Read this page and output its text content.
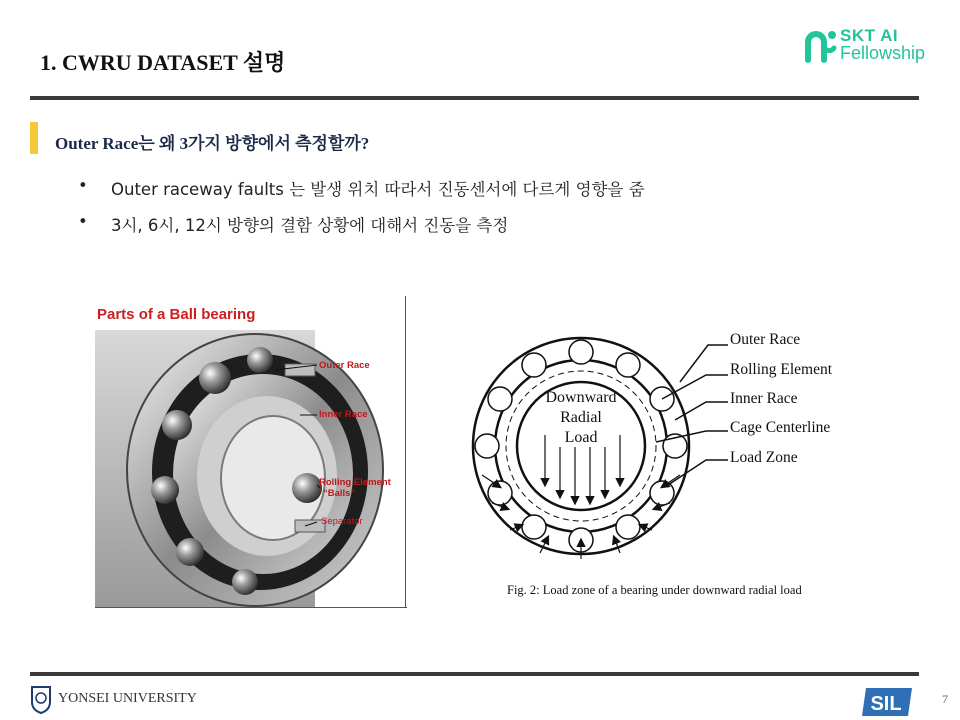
1. CWRU DATASET 설명
SKT AI
Fellowship
Outer Race는 왜 3가지 방향에서 측정할까?
• Outer raceway faults 는 발생 위치 따라서 진동센서에 다르게 영향을 줌
• 3시, 6시, 12시 방향의 결함 상황에 대해서 진동을 측정
Parts of a Ball bearing
Outer Race
Inner Race
Rolling Element
“Balls”
Separator
Downward
Radial
Load
Outer Race
Rolling Element
Inner Race
Cage Centerline
Load Zone
Fig. 2: Load zone of a bearing under downward radial load
YONSEI UNIVERSITY	SIL	7
